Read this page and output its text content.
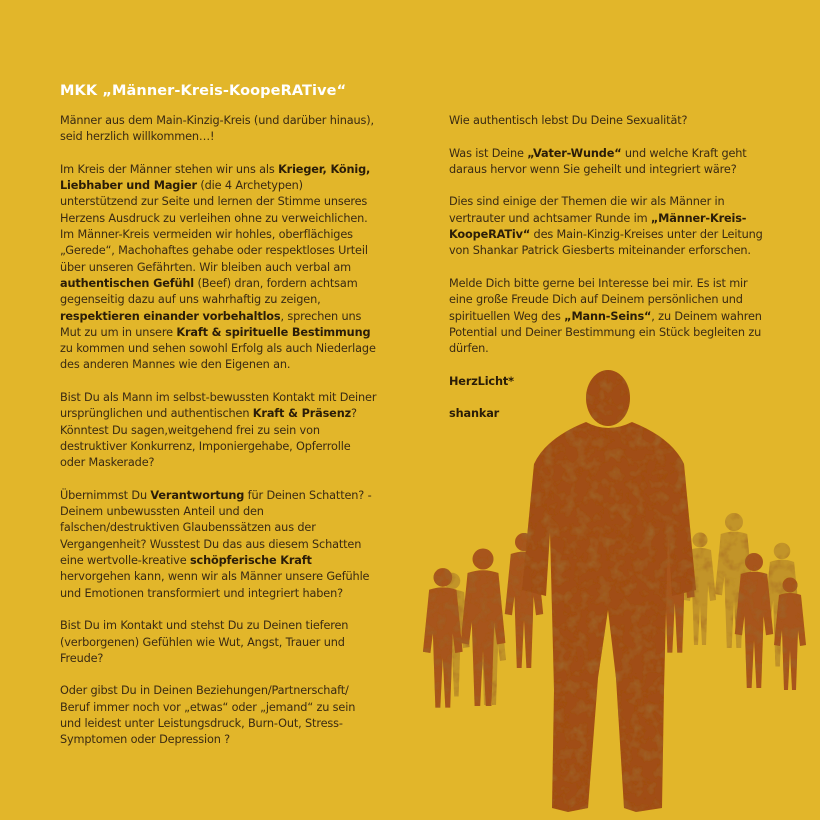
MKK „Männer-Kreis-KoopeRATive“

Männer aus dem Main-Kinzig-Kreis (und darüber hinaus), seid herzlich willkommen…!

Im Kreis der Männer stehen wir uns als Krieger, König, Liebhaber und Magier (die 4 Archetypen) unterstützend zur Seite und lernen der Stimme unseres Herzens Ausdruck zu verleihen ohne zu verweichlichen. Im Männer-Kreis vermeiden wir hohles, oberflächiges „Gerede“, Machohaftes gehabe oder respektloses Urteil über unseren Gefährten. Wir bleiben auch verbal am authentischen Gefühl (Beef) dran, fordern achtsam gegenseitig dazu auf uns wahrhaftig zu zeigen, respektieren einander vorbehaltlos, sprechen uns Mut zu um in unsere Kraft & spirituelle Bestimmung zu kommen und sehen sowohl Erfolg als auch Niederlage des anderen Mannes wie den Eigenen an.

Bist Du als Mann im selbst-bewussten Kontakt mit Deiner ursprünglichen und authentischen Kraft & Präsenz? Könntest Du sagen,weitgehend frei zu sein von destruktiver Konkurrenz, Imponiergehabe, Opferrolle oder Maskerade?

Übernimmst Du Verantwortung für Deinen Schatten? - Deinem unbewussten Anteil und den falschen/destruktiven Glaubenssätzen aus der Vergangenheit? Wusstest Du das aus diesem Schatten eine wertvolle-kreative schöpferische Kraft hervorgehen kann, wenn wir als Männer unsere Gefühle und Emotionen transformiert und integriert haben?

Bist Du im Kontakt und stehst Du zu Deinen tieferen (verborgenen) Gefühlen wie Wut, Angst, Trauer und Freude?

Oder gibst Du in Deinen Beziehungen/Partnerschaft/ Beruf immer noch vor „etwas“ oder „jemand“ zu sein und leidest unter Leistungsdruck, Burn-Out, Stress-Symptomen oder Depression ?

Wie authentisch lebst Du Deine Sexualität?

Was ist Deine „Vater-Wunde“ und welche Kraft geht daraus hervor wenn Sie geheilt und integriert wäre?

Dies sind einige der Themen die wir als Männer in vertrauter und achtsamer Runde im „Männer-Kreis-KoopeRATiv“ des Main-Kinzig-Kreises unter der Leitung von Shankar Patrick Giesberts miteinander erforschen.

Melde Dich bitte gerne bei Interesse bei mir. Es ist mir eine große Freude Dich auf Deinem persönlichen und spirituellen Weg des „Mann-Seins“, zu Deinem wahren Potential und Deiner Bestimmung ein Stück begleiten zu dürfen.

HerzLicht*

shankar
